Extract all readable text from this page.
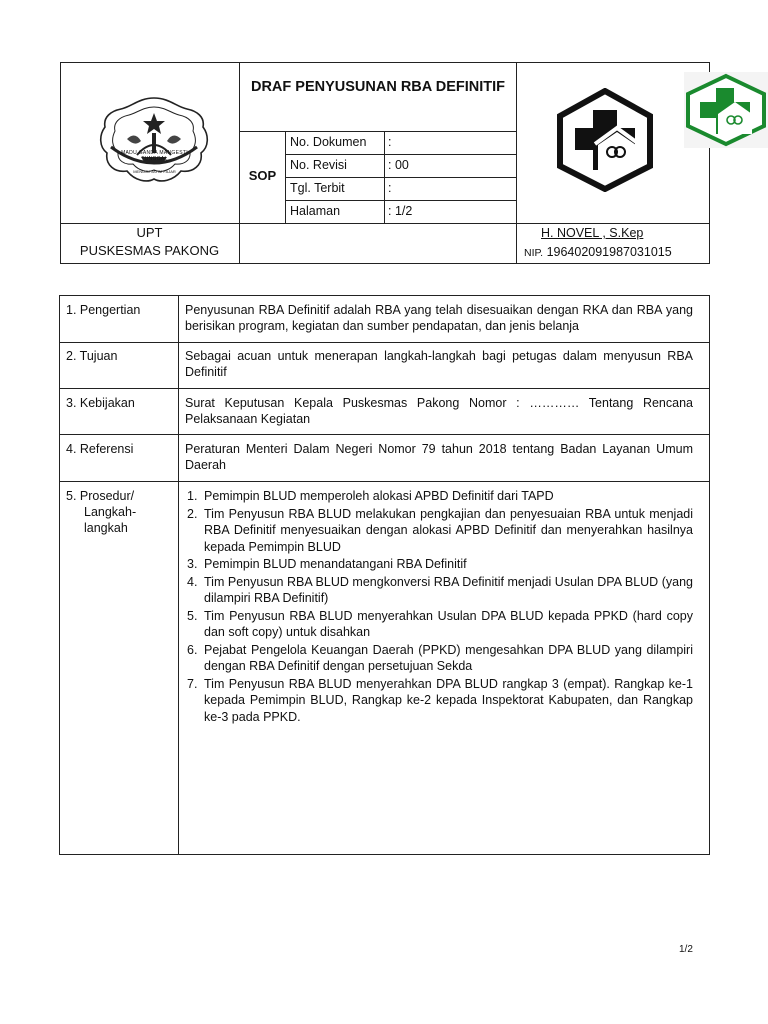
MADU GANDA MANGESTI TUNGGAL
MENUJU JATIM FAJAR
DRAF PENYUSUNAN RBA DEFINITIF
SOP
No. Dokumen :
No. Revisi	: 00
Tgl. Terbit	:
Halaman	: 1/2
UPT
PUSKESMAS PAKONG
H. NOVEL , S.Kep
NIP. 196402091987031015
1. Pengertian	Penyusunan RBA Definitif adalah RBA yang telah disesuaikan dengan RKA dan RBA yang berisikan program, kegiatan dan sumber pendapatan, dan jenis belanja
2. Tujuan	Sebagai acuan untuk menerapan langkah-langkah bagi petugas dalam menyusun RBA Definitif
3. Kebijakan	Surat Keputusan Kepala Puskesmas Pakong Nomor : ………… Tentang Rencana Pelaksanaan Kegiatan
4. Referensi	Peraturan Menteri Dalam Negeri Nomor 79 tahun 2018 tentang Badan Layanan Umum Daerah
5. Prosedur/
Langkah-
langkah
1. Pemimpin BLUD memperoleh alokasi APBD Definitif dari TAPD
2. Tim Penyusun RBA BLUD melakukan pengkajian dan penyesuaian RBA untuk menjadi RBA Definitif menyesuaikan dengan alokasi APBD Definitif dan menyerahkan hasilnya kepada Pemimpin BLUD
3. Pemimpin BLUD menandatangani RBA Definitif
4. Tim Penyusun RBA BLUD mengkonversi RBA Definitif menjadi Usulan DPA BLUD (yang dilampiri RBA Definitif)
5. Tim Penyusun RBA BLUD menyerahkan Usulan DPA BLUD kepada PPKD (hard copy dan soft copy) untuk disahkan
6. Pejabat Pengelola Keuangan Daerah (PPKD) mengesahkan DPA BLUD yang dilampiri dengan RBA Definitif dengan persetujuan Sekda
7. Tim Penyusun RBA BLUD menyerahkan DPA BLUD rangkap 3 (empat). Rangkap ke-1 kepada Pemimpin BLUD, Rangkap ke-2 kepada Inspektorat Kabupaten, dan Rangkap ke-3 pada PPKD.
1/2
